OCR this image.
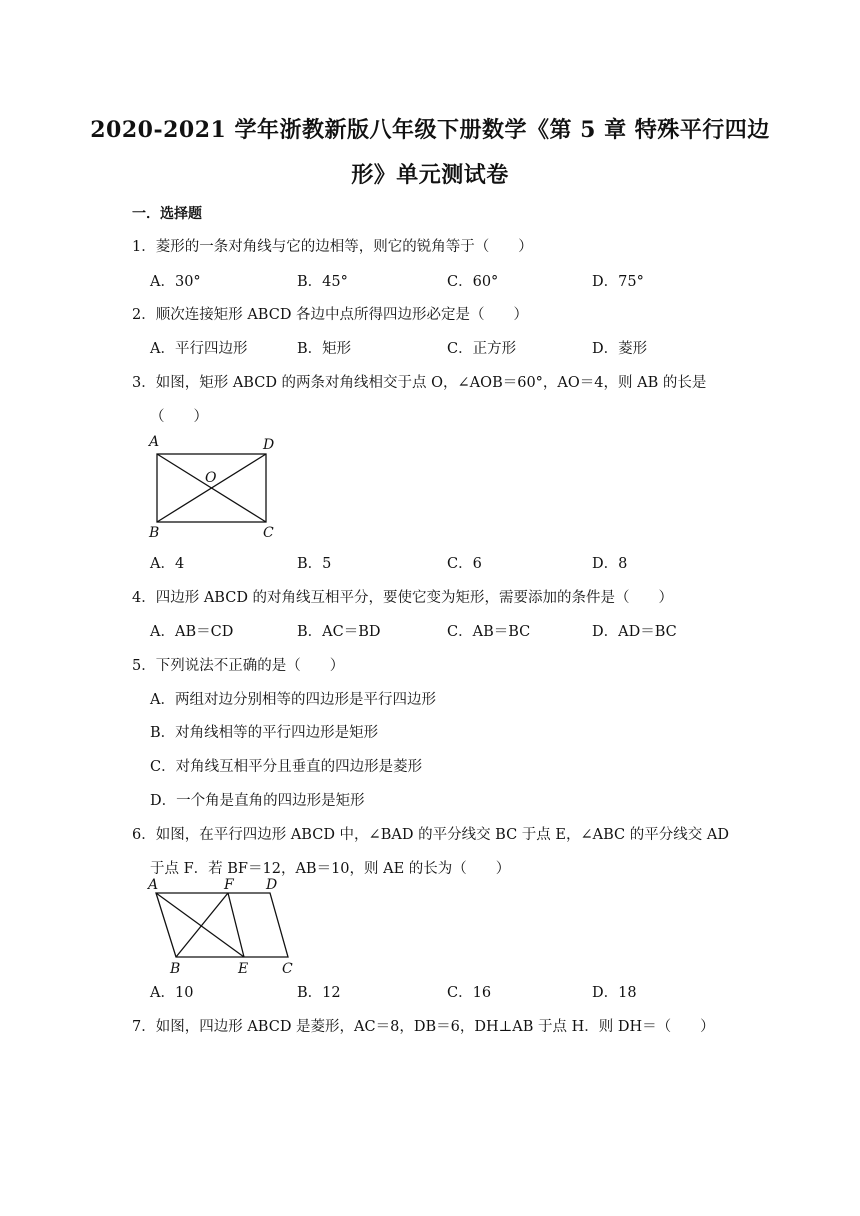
2020-2021 学年浙教新版八年级下册数学《第 5 章 特殊平行四边
形》单元测试卷
一．选择题
1．菱形的一条对角线与它的边相等，则它的锐角等于（　　）
A．30°	B．45°	C．60°	D．75°
2．顺次连接矩形 ABCD 各边中点所得四边形必定是（　　）
A．平行四边形	B．矩形	C．正方形	D．菱形
3．如图，矩形 ABCD 的两条对角线相交于点 O，∠AOB＝60°，AO＝4，则 AB 的长是
（　　）
A	D
O
B	C
A．4	B．5	C．6	D．8
4．四边形 ABCD 的对角线互相平分，要使它变为矩形，需要添加的条件是（　　）
A．AB＝CD	B．AC＝BD	C．AB＝BC	D．AD＝BC
5．下列说法不正确的是（　　）
A．两组对边分别相等的四边形是平行四边形
B．对角线相等的平行四边形是矩形
C．对角线互相平分且垂直的四边形是菱形
D．一个角是直角的四边形是矩形
6．如图，在平行四边形 ABCD 中，∠BAD 的平分线交 BC 于点 E，∠ABC 的平分线交 AD
于点 F．若 BF＝12，AB＝10，则 AE 的长为（　　）
A	F D
B	E C
A．10	B．12	C．16	D．18
7．如图，四边形 ABCD 是菱形，AC＝8，DB＝6，DH⊥AB 于点 H．则 DH＝（　　）
